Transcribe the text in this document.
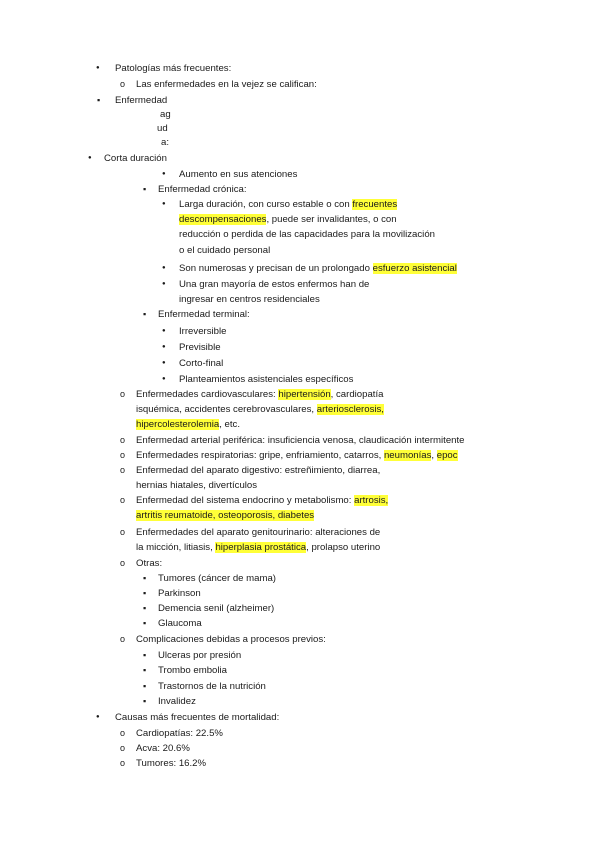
●
Patologías más frecuentes:
o
Las enfermedades en la vejez se califican:
▪
Enfermedad
ag
ud
a:
●
Corta duración
●
Aumento en sus atenciones
▪
Enfermedad crónica:
●
Larga duración, con curso estable o con frecuentes
descompensaciones, puede ser invalidantes, o con
reducción o perdida de las capacidades para la movilización
o el cuidado personal
●
Son numerosas y precisan de un prolongado esfuerzo asistencial
●
Una gran mayoría de estos enfermos han de
ingresar en centros residenciales
▪
Enfermedad terminal:
●
Irreversible
●
Previsible
●
Corto-final
●
Planteamientos asistenciales específicos
o
Enfermedades cardiovasculares: hipertensión, cardiopatía
isquémica, accidentes cerebrovasculares, arteriosclerosis,
hipercolesterolemia, etc.
o
Enfermedad arterial periférica: insuficiencia venosa, claudicación intermitente
o
Enfermedades respiratorias: gripe, enfriamiento, catarros, neumonías, epoc
o
Enfermedad del aparato digestivo: estreñimiento, diarrea,
hernias hiatales, divertículos
o
Enfermedad del sistema endocrino y metabolismo: artrosis,
artritis reumatoide, osteoporosis, diabetes
o
Enfermedades del aparato genitourinario: alteraciones de
la micción, litiasis, hiperplasia prostática, prolapso uterino
o
Otras:
▪
Tumores (cáncer de mama)
▪
Parkinson
▪
Demencia senil (alzheimer)
▪
Glaucoma
o
Complicaciones debidas a procesos previos:
▪
Ulceras por presión
▪
Trombo embolia
▪
Trastornos de la nutrición
▪
Invalidez
●
Causas más frecuentes de mortalidad:
o
Cardiopatías: 22.5%
o
Acva: 20.6%
o
Tumores: 16.2%
